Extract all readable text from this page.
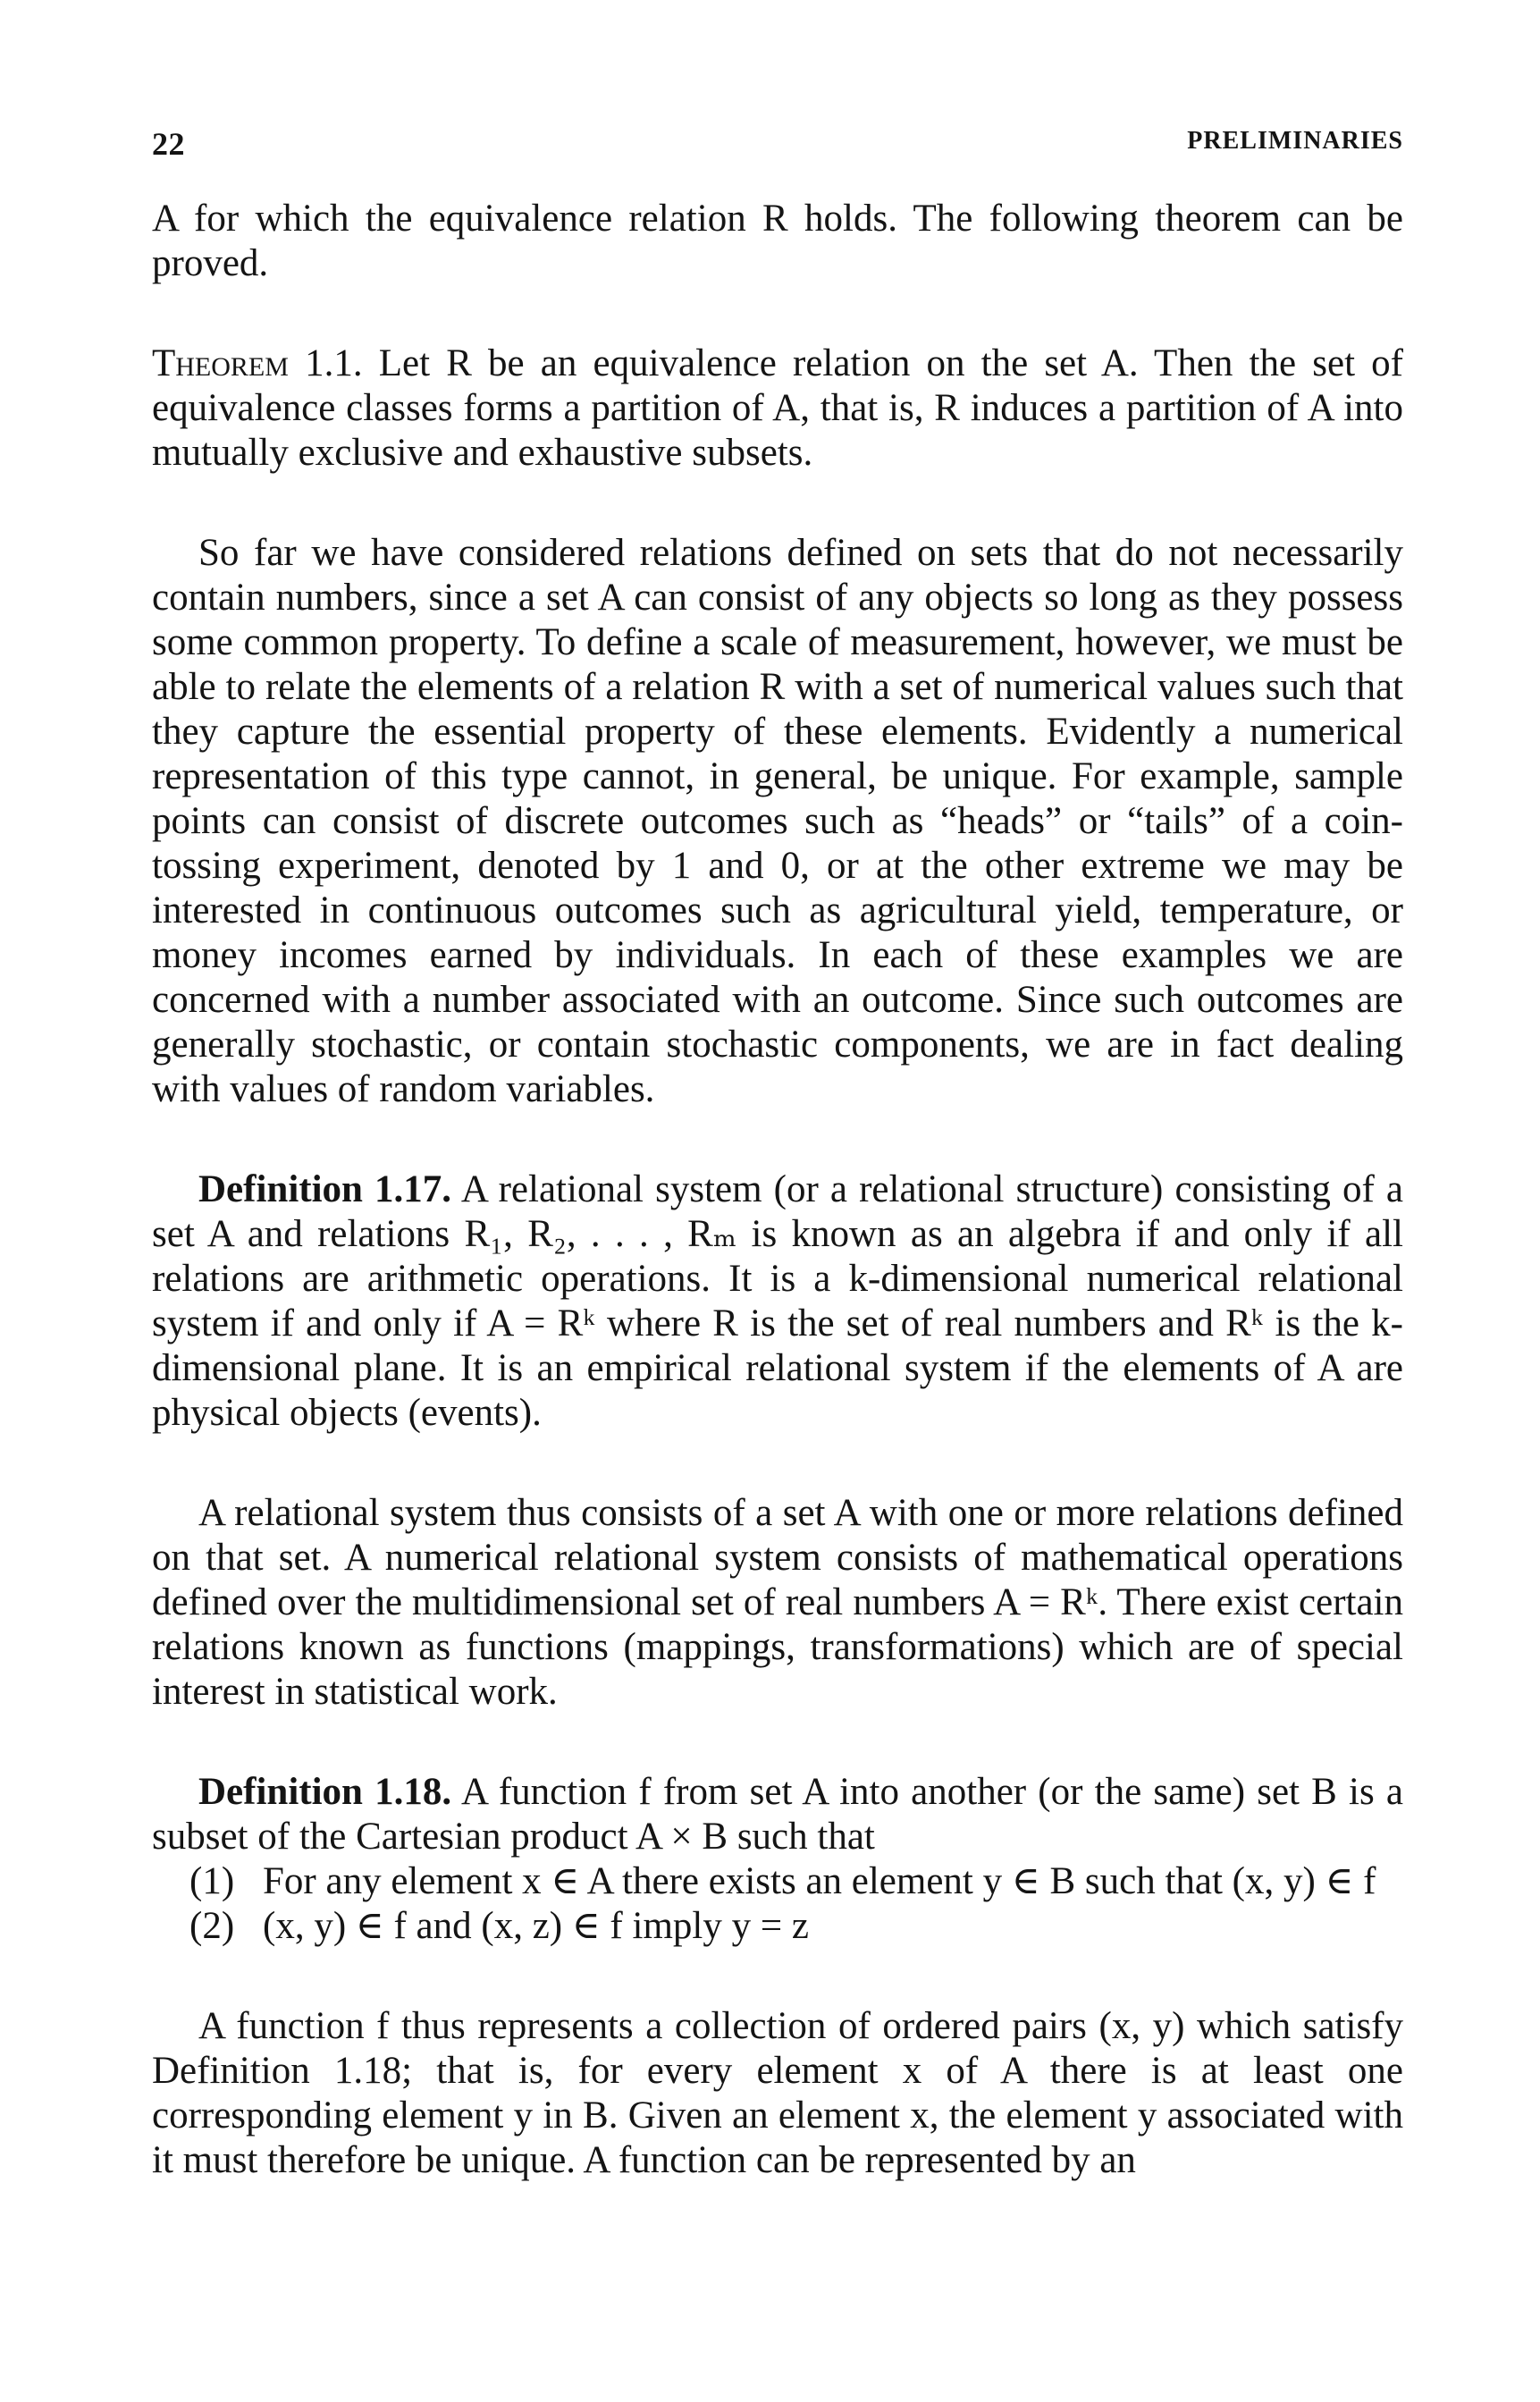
22	PRELIMINARIES

A for which the equivalence relation R holds. The following theorem can be proved.

Theorem 1.1. Let R be an equivalence relation on the set A. Then the set of equivalence classes forms a partition of A, that is, R induces a partition of A into mutually exclusive and exhaustive subsets.

So far we have considered relations defined on sets that do not necessarily contain numbers, since a set A can consist of any objects so long as they possess some common property. To define a scale of measurement, however, we must be able to relate the elements of a relation R with a set of numerical values such that they capture the essential property of these elements. Evidently a numerical representation of this type cannot, in general, be unique. For example, sample points can consist of discrete outcomes such as “heads” or “tails” of a coin-tossing experiment, denoted by 1 and 0, or at the other extreme we may be interested in continuous outcomes such as agricultural yield, temperature, or money incomes earned by individuals. In each of these examples we are concerned with a number associated with an outcome. Since such outcomes are generally stochastic, or contain stochastic components, we are in fact dealing with values of random variables.

Definition 1.17. A relational system (or a relational structure) consisting of a set A and relations R₁, R₂, . . . , Rₘ is known as an algebra if and only if all relations are arithmetic operations. It is a k-dimensional numerical relational system if and only if A = Rᵏ where R is the set of real numbers and Rᵏ is the k-dimensional plane. It is an empirical relational system if the elements of A are physical objects (events).

A relational system thus consists of a set A with one or more relations defined on that set. A numerical relational system consists of mathematical operations defined over the multidimensional set of real numbers A = Rᵏ. There exist certain relations known as functions (mappings, transformations) which are of special interest in statistical work.

Definition 1.18. A function f from set A into another (or the same) set B is a subset of the Cartesian product A × B such that

(1) For any element x ∈ A there exists an element y ∈ B such that (x, y) ∈ f
(2) (x, y) ∈ f and (x, z) ∈ f imply y = z

A function f thus represents a collection of ordered pairs (x, y) which satisfy Definition 1.18; that is, for every element x of A there is at least one corresponding element y in B. Given an element x, the element y associated with it must therefore be unique. A function can be represented by an
